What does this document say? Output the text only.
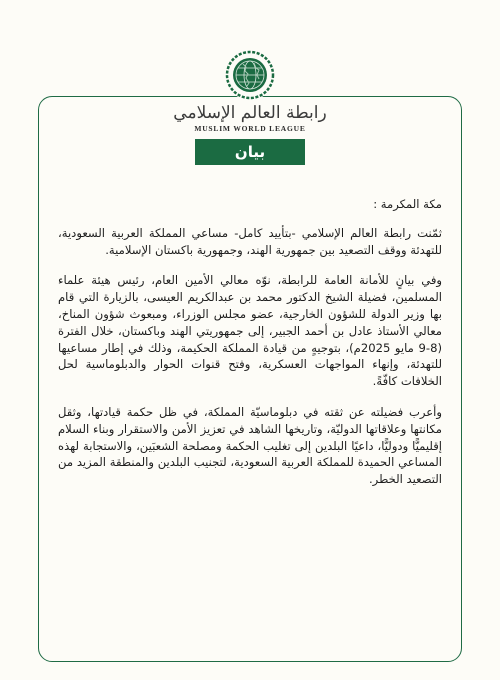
رابطة العالم الإسلامي
MUSLIM WORLD LEAGUE
بيان

مكة المكرمة :

ثمّنت رابطة العالم الإسلامي -بتأييد كامل- مساعي المملكة العربية السعودية، للتهدئة ووقف التصعيد بين جمهورية الهند، وجمهورية باكستان الإسلامية.

وفي بيانٍ للأمانة العامة للرابطة، نوّه معالي الأمين العام، رئيس هيئة علماء المسلمين، فضيلة الشيخ الدكتور محمد بن عبدالكريم العيسى، بالزيارة التي قام بها وزير الدولة للشؤون الخارجية، عضو مجلس الوزراء، ومبعوث شؤون المناخ، معالي الأستاذ عادل بن أحمد الجبير، إلى جمهوريتي الهند وباكستان، خلال الفترة (8-9 مايو 2025م)، بتوجيهٍ من قيادة المملكة الحكيمة، وذلك في إطار مساعيها للتهدئة، وإنهاء المواجهات العسكرية، وفتح قنوات الحوار والدبلوماسية لحل الخلافات كافّةً.

وأعرب فضيلته عن ثقته في دبلوماسيّة المملكة، في ظل حكمة قيادتها، وثقل مكانتها وعلاقاتها الدوليّة، وتاريخها الشاهد في تعزيز الأمن والاستقرار وبناء السلام إقليميًّا ودوليًّا، داعيًا البلدين إلى تغليب الحكمة ومصلحة الشعبَين، والاستجابة لهذه المساعي الحميدة للمملكة العربية السعودية، لتجنيب البلدين والمنطقة المزيد من التصعيد الخطر.
